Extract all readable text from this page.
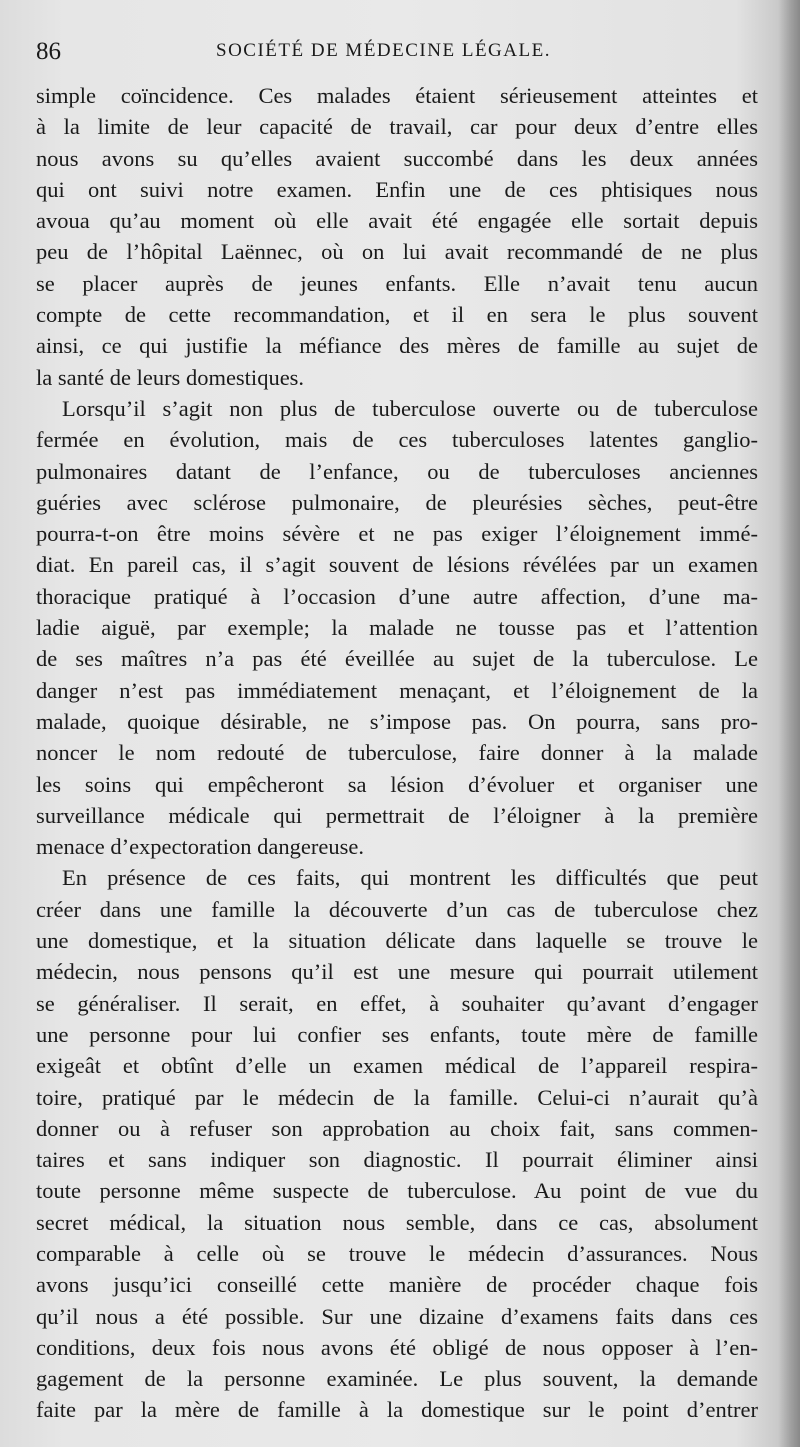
86	SOCIÉTÉ DE MÉDECINE LÉGALE.
simple coïncidence. Ces malades étaient sérieusement atteintes et
à la limite de leur capacité de travail, car pour deux d’entre elles
nous avons su qu’elles avaient succombé dans les deux années
qui ont suivi notre examen. Enfin une de ces phtisiques nous
avoua qu’au moment où elle avait été engagée elle sortait depuis
peu de l’hôpital Laënnec, où on lui avait recommandé de ne plus
se placer auprès de jeunes enfants. Elle n’avait tenu aucun
compte de cette recommandation, et il en sera le plus souvent
ainsi, ce qui justifie la méfiance des mères de famille au sujet de
la santé de leurs domestiques.
Lorsqu’il s’agit non plus de tuberculose ouverte ou de tuberculose
fermée en évolution, mais de ces tuberculoses latentes ganglio-
pulmonaires datant de l’enfance, ou de tuberculoses anciennes
guéries avec sclérose pulmonaire, de pleurésies sèches, peut-être
pourra-t-on être moins sévère et ne pas exiger l’éloignement immé-
diat. En pareil cas, il s’agit souvent de lésions révélées par un examen
thoracique pratiqué à l’occasion d’une autre affection, d’une ma-
ladie aiguë, par exemple; la malade ne tousse pas et l’attention
de ses maîtres n’a pas été éveillée au sujet de la tuberculose. Le
danger n’est pas immédiatement menaçant, et l’éloignement de la
malade, quoique désirable, ne s’impose pas. On pourra, sans pro-
noncer le nom redouté de tuberculose, faire donner à la malade
les soins qui empêcheront sa lésion d’évoluer et organiser une
surveillance médicale qui permettrait de l’éloigner à la première
menace d’expectoration dangereuse.
En présence de ces faits, qui montrent les difficultés que peut
créer dans une famille la découverte d’un cas de tuberculose chez
une domestique, et la situation délicate dans laquelle se trouve le
médecin, nous pensons qu’il est une mesure qui pourrait utilement
se généraliser. Il serait, en effet, à souhaiter qu’avant d’engager
une personne pour lui confier ses enfants, toute mère de famille
exigeât et obtînt d’elle un examen médical de l’appareil respira-
toire, pratiqué par le médecin de la famille. Celui-ci n’aurait qu’à
donner ou à refuser son approbation au choix fait, sans commen-
taires et sans indiquer son diagnostic. Il pourrait éliminer ainsi
toute personne même suspecte de tuberculose. Au point de vue du
secret médical, la situation nous semble, dans ce cas, absolument
comparable à celle où se trouve le médecin d’assurances. Nous
avons jusqu’ici conseillé cette manière de procéder chaque fois
qu’il nous a été possible. Sur une dizaine d’examens faits dans ces
conditions, deux fois nous avons été obligé de nous opposer à l’en-
gagement de la personne examinée. Le plus souvent, la demande
faite par la mère de famille à la domestique sur le point d’entrer
